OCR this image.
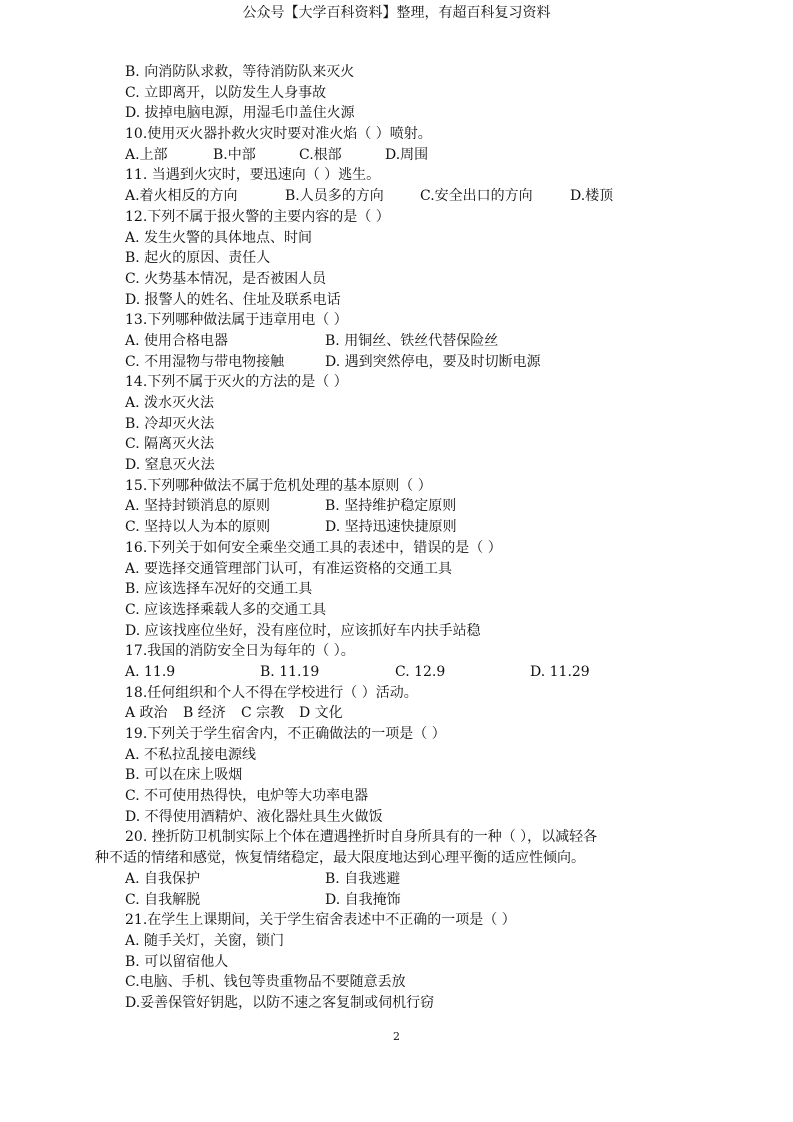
公众号【大学百科资料】整理，有超百科复习资料
B. 向消防队求救，等待消防队来灭火
C. 立即离开，以防发生人身事故
D. 拔掉电脑电源，用湿毛巾盖住火源
10.使用灭火器扑救火灾时要对准火焰（ ）喷射。
A.上部	B.中部	C.根部	D.周围
11. 当遇到火灾时，要迅速向（ ）逃生。
A.着火相反的方向	B.人员多的方向	C.安全出口的方向	D.楼顶
12.下列不属于报火警的主要内容的是（ ）
A. 发生火警的具体地点、时间
B. 起火的原因、责任人
C. 火势基本情况，是否被困人员
D. 报警人的姓名、住址及联系电话
13.下列哪种做法属于违章用电（ ）
A. 使用合格电器	B. 用铜丝、铁丝代替保险丝
C. 不用湿物与带电物接触	D. 遇到突然停电，要及时切断电源
14.下列不属于灭火的方法的是（ ）
A. 泼水灭火法
B. 冷却灭火法
C. 隔离灭火法
D. 窒息灭火法
15.下列哪种做法不属于危机处理的基本原则（ ）
A. 坚持封锁消息的原则	B. 坚持维护稳定原则
C. 坚持以人为本的原则	D. 坚持迅速快捷原则
16.下列关于如何安全乘坐交通工具的表述中，错误的是（ ）
A. 要选择交通管理部门认可，有准运资格的交通工具
B. 应该选择车况好的交通工具
C. 应该选择乘载人多的交通工具
D. 应该找座位坐好，没有座位时，应该抓好车内扶手站稳
17.我国的消防安全日为每年的（ ）。
A. 11.9	B. 11.19	C. 12.9	D. 11.29
18.任何组织和个人不得在学校进行（ ）活动。
A 政治	B 经济	C 宗教	D 文化
19.下列关于学生宿舍内，不正确做法的一项是（ ）
A. 不私拉乱接电源线
B. 可以在床上吸烟
C. 不可使用热得快，电炉等大功率电器
D. 不得使用酒精炉、液化器灶具生火做饭
20. 挫折防卫机制实际上个体在遭遇挫折时自身所具有的一种（ ），以减轻各
种不适的情绪和感觉，恢复情绪稳定，最大限度地达到心理平衡的适应性倾向。
A. 自我保护	B. 自我逃避
C. 自我解脱	D. 自我掩饰
21.在学生上课期间，关于学生宿舍表述中不正确的一项是（ ）
A. 随手关灯，关窗，锁门
B. 可以留宿他人
C.电脑、手机、钱包等贵重物品不要随意丢放
D.妥善保管好钥匙，以防不速之客复制或伺机行窃
2
